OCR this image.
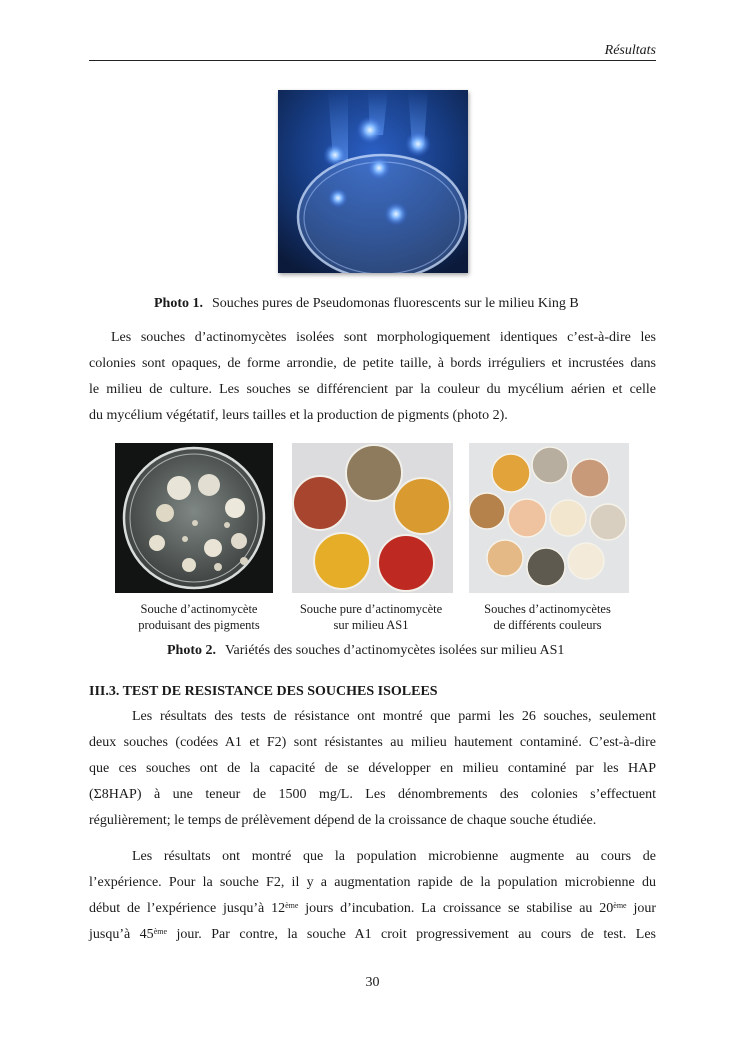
Résultats
Photo 1. Souches pures de Pseudomonas fluorescents sur le milieu King B

Les souches d’actinomycètes isolées sont morphologiquement identiques c’est-à-dire les
colonies sont opaques, de forme arrondie, de petite taille, à bords irréguliers et incrustées dans
le milieu de culture. Les souches se différencient par la couleur du mycélium aérien et celle
du mycélium végétatif, leurs tailles et la production de pigments (photo 2).

Souche d’actinomycète
produisant des pigments
Souche pure d’actinomycète
sur milieu AS1
Souches d’actinomycètes
de différents couleurs
Photo 2. Variétés des souches d’actinomycètes isolées sur milieu AS1
III.3. TEST DE RESISTANCE DES SOUCHES ISOLEES

Les résultats des tests de résistance ont montré que parmi les 26 souches, seulement
deux souches (codées A1 et F2) sont résistantes au milieu hautement contaminé. C’est-à-dire
que ces souches ont de la capacité de se développer en milieu contaminé par les HAP
(Σ8HAP) à une teneur de 1500 mg/L. Les dénombrements des colonies s’effectuent
régulièrement; le temps de prélèvement dépend de la croissance de chaque souche étudiée.

Les résultats ont montré que la population microbienne augmente au cours de
l’expérience. Pour la souche F2, il y a augmentation rapide de la population microbienne du
début de l’expérience jusqu’à 12ème jours d’incubation. La croissance se stabilise au 20ème jour
jusqu’à 45ème jour. Par contre, la souche A1 croit progressivement au cours de test. Les

30
